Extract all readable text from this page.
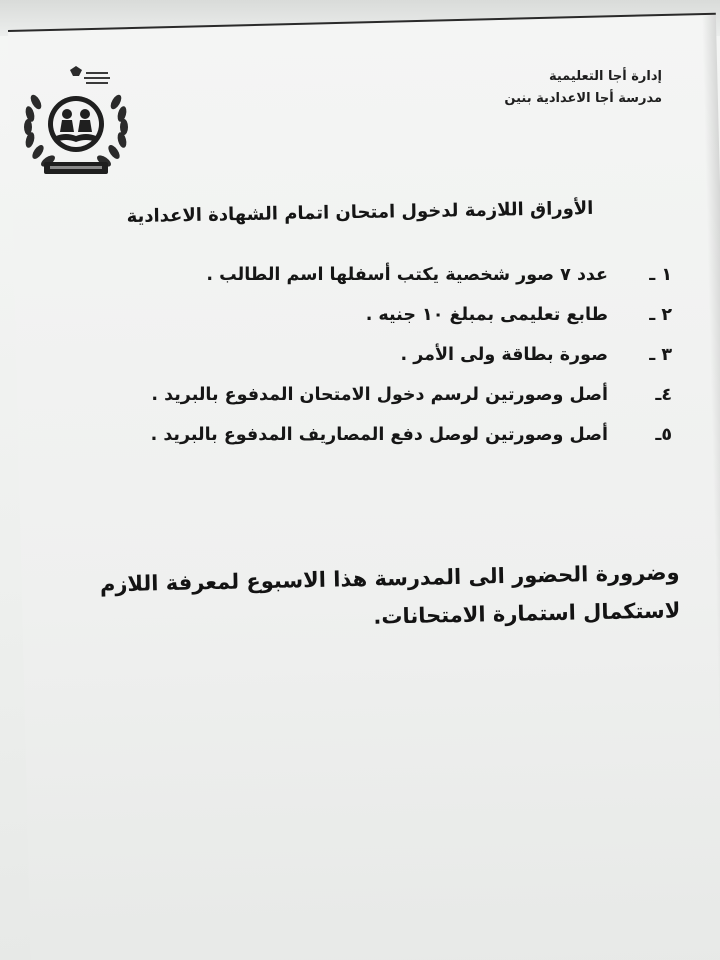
إدارة أجا التعليمية
مدرسة أجا الاعدادية بنين
الأوراق اللازمة لدخول امتحان اتمام الشهادة الاعدادية
١ ـ
عدد ٧ صور شخصية يكتب أسفلها اسم الطالب .
٢ ـ
طابع تعليمى بمبلغ ١٠ جنيه .
٣ ـ
صورة بطاقة ولى الأمر .
٤ـ
أصل وصورتين لرسم دخول الامتحان المدفوع بالبريد .
٥ـ
أصل وصورتين لوصل دفع المصاريف المدفوع بالبريد .
وضرورة الحضور الى المدرسة هذا الاسبوع لمعرفة اللازم
لاستكمال استمارة الامتحانات.
